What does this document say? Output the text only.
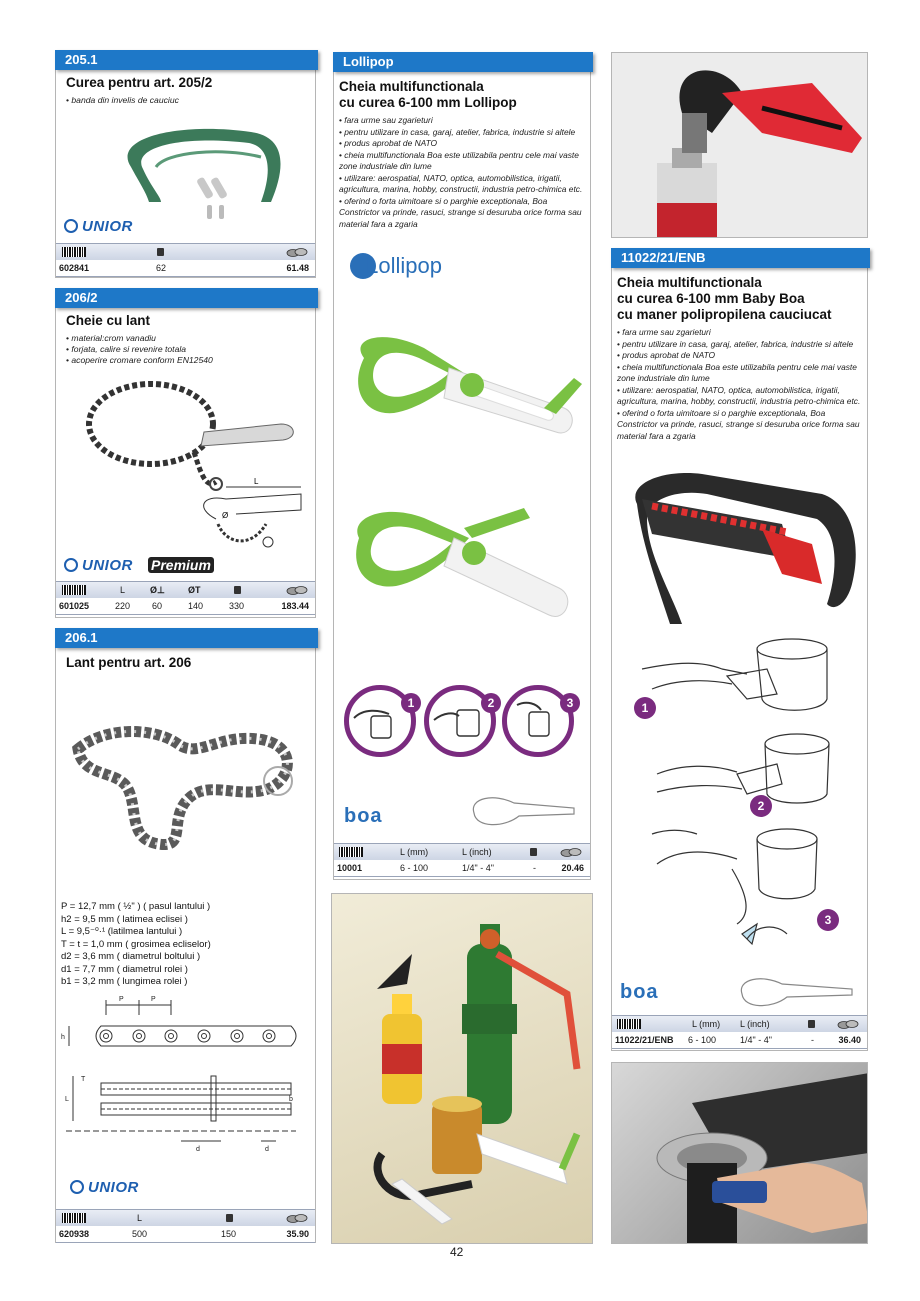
205.1
Curea pentru art. 205/2
• banda din invelis de cauciuc
UNIOR
602841	62	61.48
206/2
Cheie cu lant
• material:crom vanadiu
• forjata, calire si revenire totala
• acoperire cromare conform EN12540
L
Ø
UNIOR Premium
L	Ø⊥	ØT
601025	220 60	140	330	183.44
206.1
Lant pentru art. 206
P = 12,7 mm ( ½" ) ( pasul lantului )
h2 = 9,5 mm ( latimea eclisei )
L = 9,5⁻⁰·¹ (latilmea lantului )
T = t = 1,0 mm ( grosimea ecliselor)
d2 = 3,6 mm ( diametrul boltului )
d1 = 7,7 mm ( diametrul rolei )
b1 = 3,2 mm ( lungimea rolei )
P	P
h
T
L	b
d	d
UNIOR
L
620938	500	150	35.90
Lollipop
Cheia multifunctionala
cu curea 6-100 mm Lollipop
• fara urme sau zgarieturi
• pentru utilizare in casa, garaj, atelier, fabrica, industrie si altele
• produs aprobat de NATO
• cheia multifunctionala Boa este utilizabila pentru cele mai vaste zone industriale din lume
• utilizare: aerospatial, NATO, optica, automobilistica, irigatii, agricultura, marina, hobby, constructii, industria petro-chimica etc.
• oferind o forta uimitoare si o parghie exceptionala, Boa Constrictor va prinde, rasuci, strange si desuruba orice forma sau material fara a zgaria
Lollipop
1	2	3
boa
L (mm)	L (inch)
10001	6 - 100	1/4" - 4"	-	20.46
11022/21/ENB
Cheia multifunctionala
cu curea 6-100 mm Baby Boa
cu maner polipropilena cauciucat
• fara urme sau zgarieturi
• pentru utilizare in casa, garaj, atelier, fabrica, industrie si altele
• produs aprobat de NATO
• cheia multifunctionala Boa este utilizabila pentru cele mai vaste zone industriale din lume
• utilizare: aerospatial, NATO, optica, automobilistica, irigatii, agricultura, marina, hobby, constructii, industria petro-chimica etc.
• oferind o forta uimitoare si o parghie exceptionala, Boa Constrictor va prinde, rasuci, strange si desuruba orice forma sau material fara a zgaria
1
2
3
boa
L (mm) L (inch)
11022/21/ENB 6 - 100	1/4" - 4"	-	36.40
42
